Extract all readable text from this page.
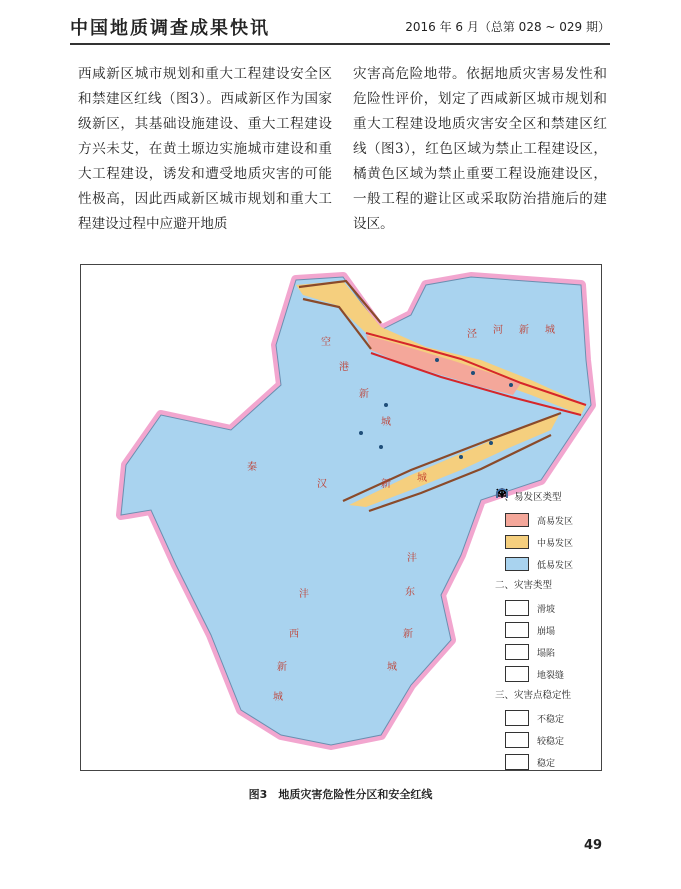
中国地质调查成果快讯	2016 年 6 月（总第 028 ~ 029 期）
西咸新区城市规划和重大工程建设安全区和禁建区红线（图3）。西咸新区作为国家级新区，其基础设施建设、重大工程建设方兴未艾，在黄土塬边实施城市建设和重大工程建设，诱发和遭受地质灾害的可能性极高，因此西咸新区城市规划和重大工程建设过程中应避开地质
灾害高危险地带。依据地质灾害易发性和危险性评价，划定了西咸新区城市规划和重大工程建设地质灾害安全区和禁建区红线（图3），红色区域为禁止工程建设区，橘黄色区域为禁止重要工程设施建设区，一般工程的避让区或采取防治措施后的建设区。
空
港
新
城
泾 河 新 城
秦
汉	新
城
沣
东
新
城
沣
西
新
城
一、易发区类型
高易发区
中易发区
低易发区
二、灾害类型
滑坡
崩塌
塌陷
地裂缝
三、灾害点稳定性
不稳定
较稳定
稳定
图3　地质灾害危险性分区和安全红线
49
